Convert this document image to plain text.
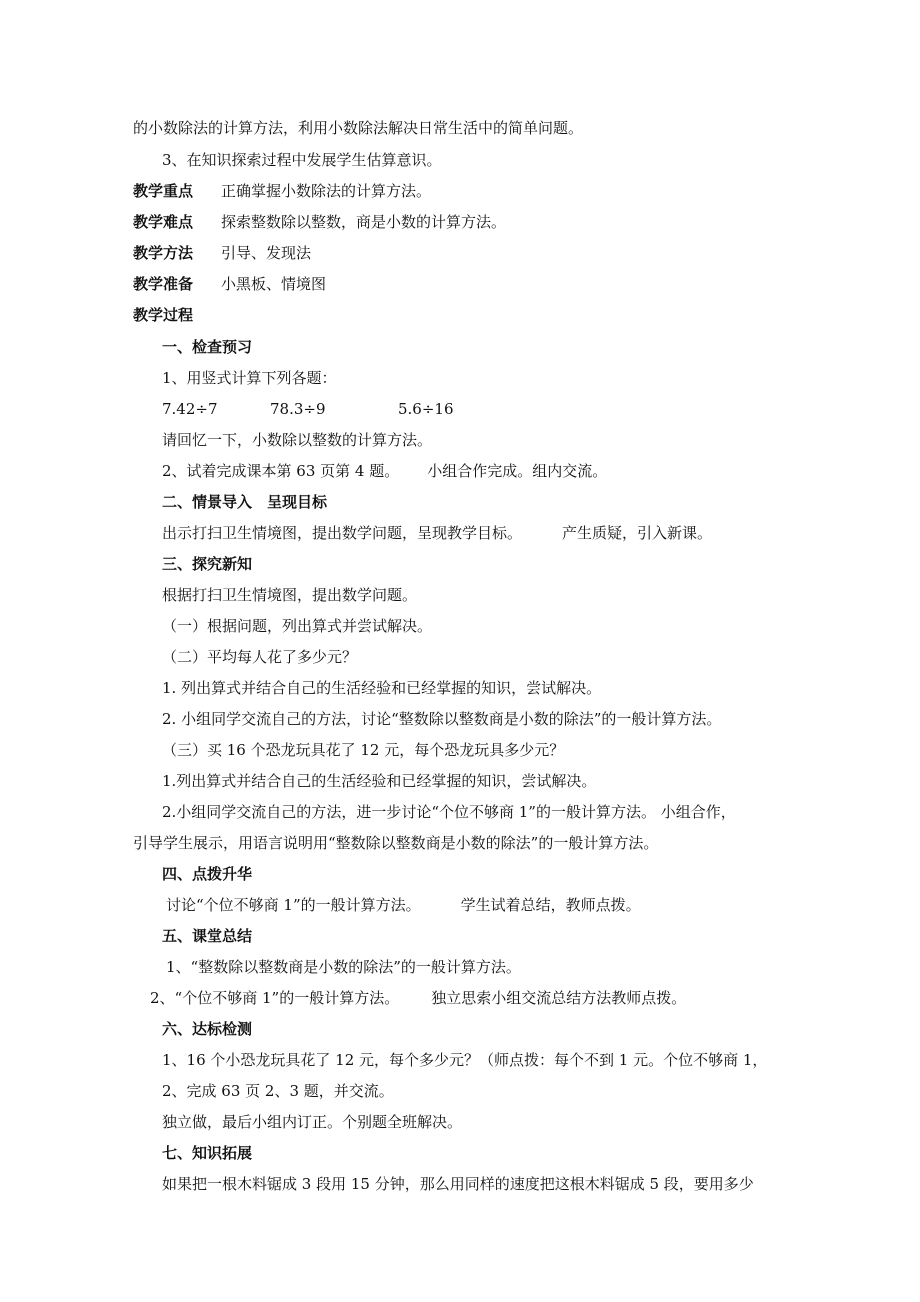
的小数除法的计算方法，利用小数除法解决日常生活中的简单问题。
3、在知识探索过程中发展学生估算意识。
教学重点 正确掌握小数除法的计算方法。
教学难点 探索整数除以整数，商是小数的计算方法。
教学方法 引导、发现法
教学准备 小黑板、情境图
教学过程
一、检查预习
1、用竖式计算下列各题：
7.42÷7	78.3÷9	5.6÷16
请回忆一下，小数除以整数的计算方法。
2、试着完成课本第 63 页第 4 题。 小组合作完成。组内交流。
二、情景导入 呈现目标
出示打扫卫生情境图，提出数学问题，呈现教学目标。	产生质疑，引入新课。
三、探究新知
根据打扫卫生情境图，提出数学问题。
（一）根据问题，列出算式并尝试解决。
（二）平均每人花了多少元？
1. 列出算式并结合自己的生活经验和已经掌握的知识，尝试解决。
2. 小组同学交流自己的方法，讨论“整数除以整数商是小数的除法”的一般计算方法。
（三）买 16 个恐龙玩具花了 12 元，每个恐龙玩具多少元？
1.列出算式并结合自己的生活经验和已经掌握的知识，尝试解决。
2.小组同学交流自己的方法，进一步讨论“个位不够商 1”的一般计算方法。 小组合作，
引导学生展示，用语言说明用“整数除以整数商是小数的除法”的一般计算方法。
四、点拨升华
讨论“个位不够商 1”的一般计算方法。	学生试着总结，教师点拨。
五、课堂总结
1、“整数除以整数商是小数的除法”的一般计算方法。
2、“个位不够商 1”的一般计算方法。 独立思索小组交流总结方法教师点拨。
六、达标检测
1、16 个小恐龙玩具花了 12 元，每个多少元？（师点拨：每个不到 1 元。个位不够商 1，
2、完成 63 页 2、3 题，并交流。
独立做，最后小组内订正。个别题全班解决。
七、知识拓展
如果把一根木料锯成 3 段用 15 分钟，那么用同样的速度把这根木料锯成 5 段，要用多少
